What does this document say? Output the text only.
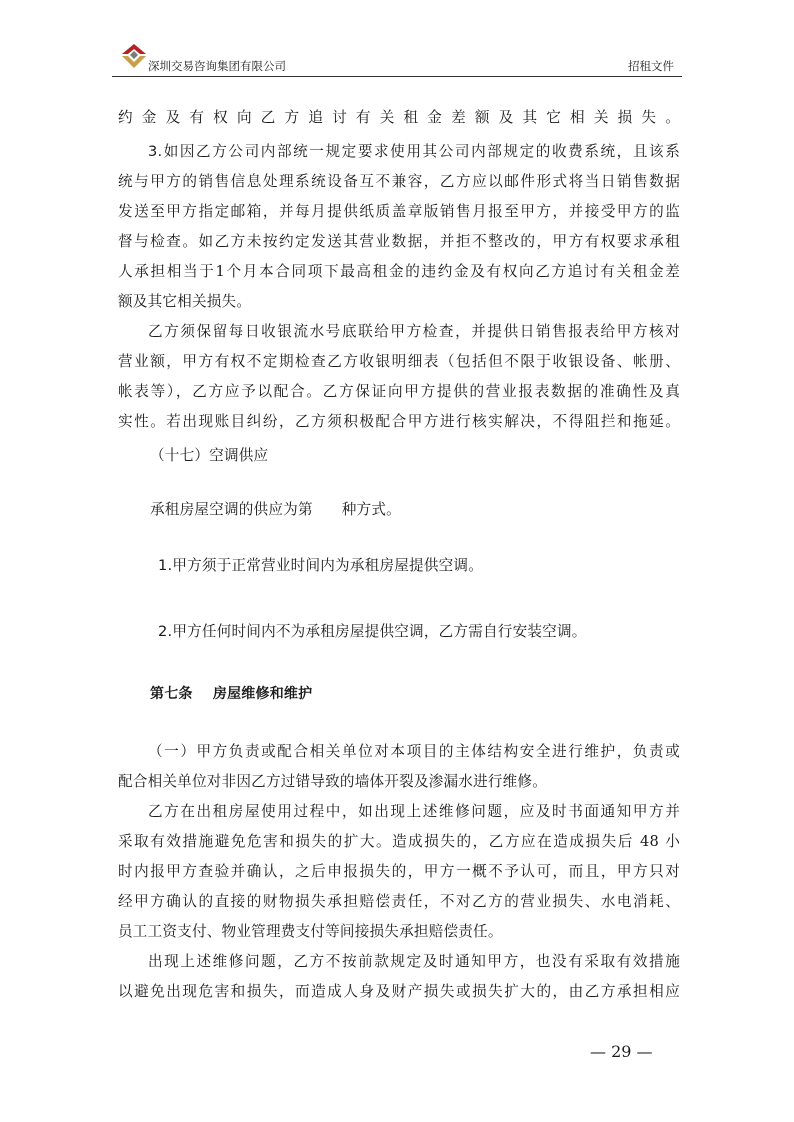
深圳交易咨询集团有限公司	招租文件
约金及有权向乙方追讨有关租金差额及其它相关损失。
3.如因乙方公司内部统一规定要求使用其公司内部规定的收费系统，且该系
统与甲方的销售信息处理系统设备互不兼容，乙方应以邮件形式将当日销售数据
发送至甲方指定邮箱，并每月提供纸质盖章版销售月报至甲方，并接受甲方的监
督与检查。如乙方未按约定发送其营业数据，并拒不整改的，甲方有权要求承租
人承担相当于1个月本合同项下最高租金的违约金及有权向乙方追讨有关租金差
额及其它相关损失。
乙方须保留每日收银流水号底联给甲方检查，并提供日销售报表给甲方核对
营业额，甲方有权不定期检查乙方收银明细表（包括但不限于收银设备、帐册、
帐表等），乙方应予以配合。乙方保证向甲方提供的营业报表数据的准确性及真
实性。若出现账目纠纷，乙方须积极配合甲方进行核实解决，不得阻拦和拖延。
（十七）空调供应
承租房屋空调的供应为第      种方式。
1.甲方须于正常营业时间内为承租房屋提供空调。
2.甲方任何时间内不为承租房屋提供空调，乙方需自行安装空调。
第七条    房屋维修和维护
（一）甲方负责或配合相关单位对本项目的主体结构安全进行维护，负责或
配合相关单位对非因乙方过错导致的墙体开裂及渗漏水进行维修。
乙方在出租房屋使用过程中，如出现上述维修问题，应及时书面通知甲方并
采取有效措施避免危害和损失的扩大。造成损失的，乙方应在造成损失后 48 小
时内报甲方查验并确认，之后申报损失的，甲方一概不予认可，而且，甲方只对
经甲方确认的直接的财物损失承担赔偿责任，不对乙方的营业损失、水电消耗、
员工工资支付、物业管理费支付等间接损失承担赔偿责任。
出现上述维修问题，乙方不按前款规定及时通知甲方，也没有采取有效措施
以避免出现危害和损失，而造成人身及财产损失或损失扩大的，由乙方承担相应
— 29 —
